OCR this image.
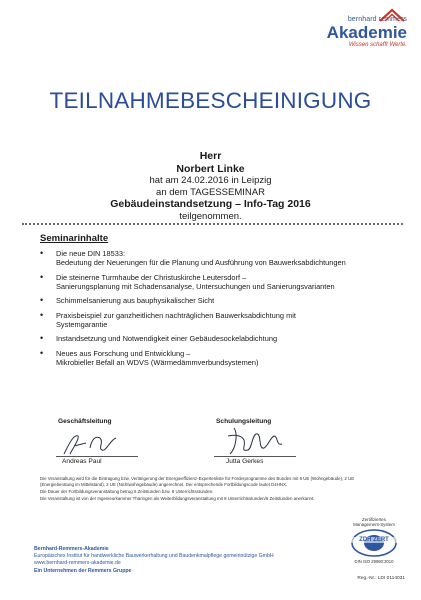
bernhard remmers
Akademie
Wissen schafft Werte.
TEILNAHMEBESCHEINIGUNG
Herr
Norbert Linke
hat am 24.02.2016 in Leipzig
an dem TAGESSEMINAR
Gebäudeinstandsetzung – Info-Tag 2016
teilgenommen.
Seminarinhalte
• Die neue DIN 18533:
Bedeutung der Neuerungen für die Planung und Ausführung von Bauwerksabdichtungen
• Die steinerne Turmhaube der Christuskirche Leutersdorf –
Sanierungsplanung mit Schadensanalyse, Untersuchungen und Sanierungsvarianten
• Schimmelsanierung aus bauphysikalischer Sicht
• Praxisbeispiel zur ganzheitlichen nachträglichen Bauwerksabdichtung mit
Systemgarantie
• Instandsetzung und Notwendigkeit einer Gebäudesockelabdichtung
• Neues aus Forschung und Entwicklung –
Mikrobieller Befall an WDVS (Wärmedämmverbundsystemen)
Geschäftsleitung
Andreas Paul
Schulungsleitung
Jutta Gerkes

Die Veranstaltung wird für die Eintragung bzw. Verlängerung der Energieeffizienz-Expertenliste für Förderprogramme des Bundes mit 6 UE (Wohngebäude), 2 UE (Energieberatung im Mittelstand), 2 UE (Nichtwohngebäude) angerechnet. Der entsprechende Fortbildungscode lautet D4HNX.

Die Dauer der Fortbildungsveranstaltung betrug 6 Zeitstunden bzw. 8 Unterrichtsstunden.

Die Veranstaltung ist von der Ingenieurkammer Thüringen als Weiterbildungsveranstaltung mit 8 Unterrichtsstunden/6 Zeitstunden anerkannt.

Zertifiziertes Management-System
ZDH ZERT
DIN ISO 29990:2010
Reg.-Nr.: LDI 0114031
Bernhard-Remmers-Akademie
Europäisches Institut für handwerkliche Bauwerkerhaltung und Baudenkmalpflege gemeinnützige GmbH
www.bernhard-remmers-akademie.de
Ein Unternehmen der Remmers Gruppe
